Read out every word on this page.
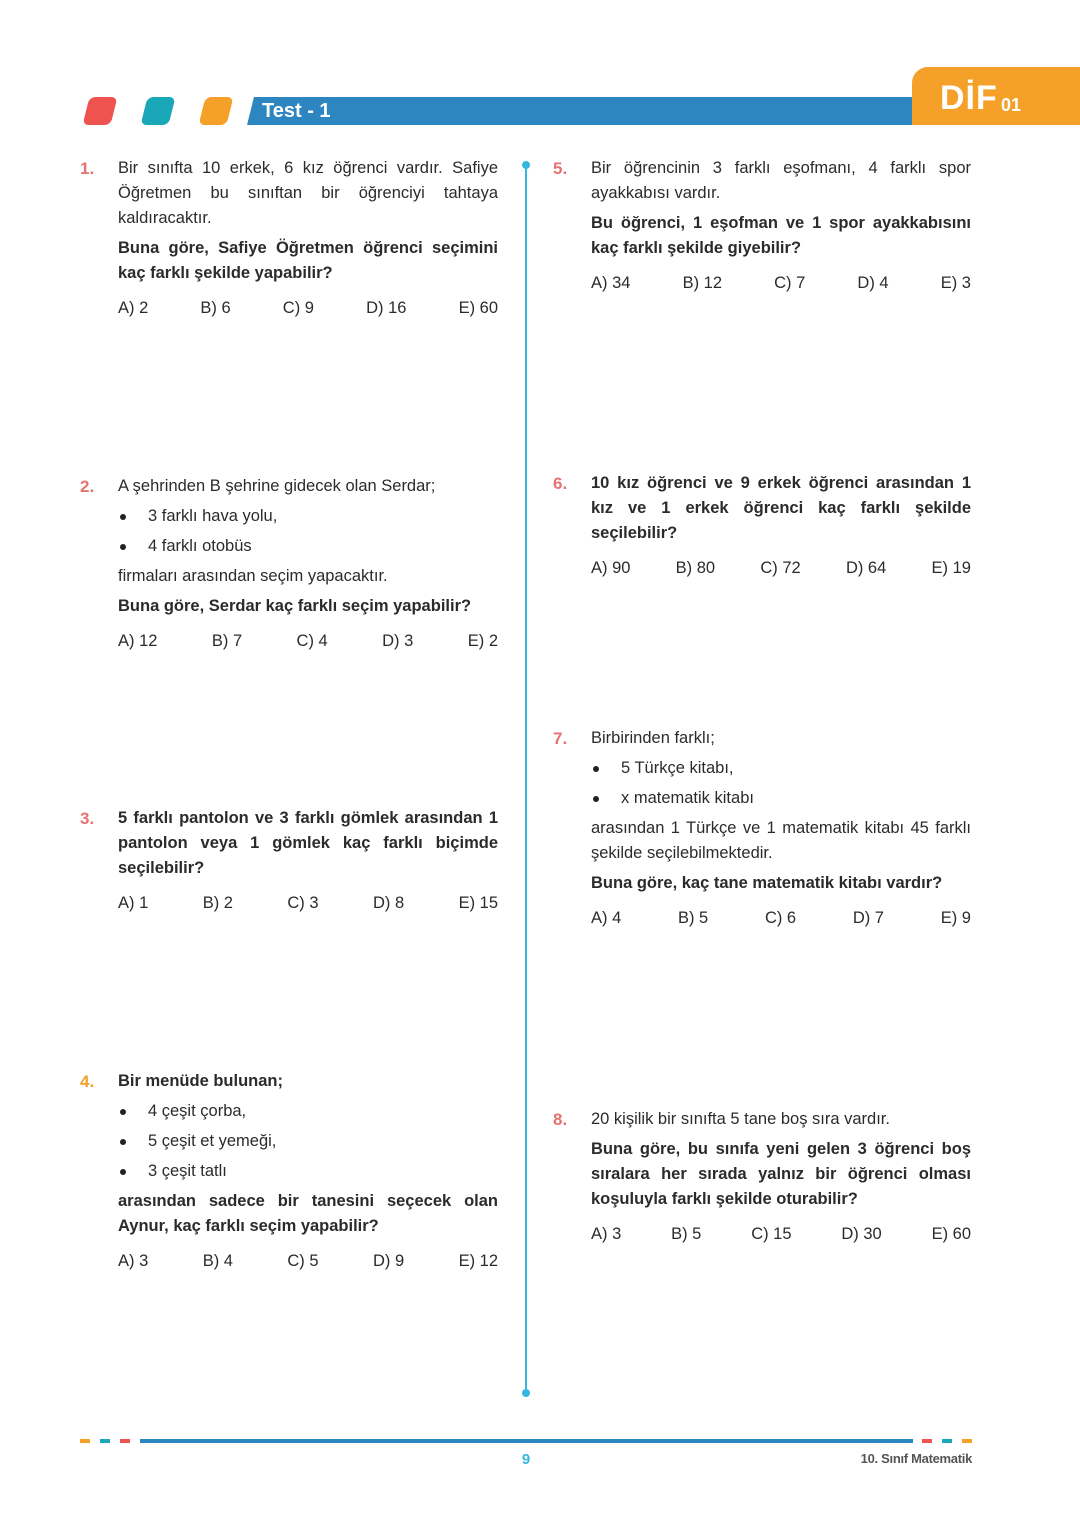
Test - 1	DİF 01
1. Bir sınıfta 10 erkek, 6 kız öğrenci vardır. Safiye Öğretmen bu sınıftan bir öğrenciyi tahtaya kaldıracaktır.

Buna göre, Safiye Öğretmen öğrenci seçimini kaç farklı şekilde yapabilir?

A) 2	B) 6	C) 9	D) 16	E) 60
2. A şehrinden B şehrine gidecek olan Serdar;

3 farklı hava yolu,
4 farklı otobüs

firmaları arasından seçim yapacaktır.

Buna göre, Serdar kaç farklı seçim yapabilir?

A) 12	B) 7	C) 4	D) 3	E) 2
3. 5 farklı pantolon ve 3 farklı gömlek arasından 1 pantolon veya 1 gömlek kaç farklı biçimde seçilebilir?

A) 1	B) 2	C) 3	D) 8	E) 15
4. Bir menüde bulunan;

4 çeşit çorba,
5 çeşit et yemeği,
3 çeşit tatlı

arasından sadece bir tanesini seçecek olan Aynur, kaç farklı seçim yapabilir?

A) 3	B) 4	C) 5	D) 9	E) 12
5. Bir öğrencinin 3 farklı eşofmanı, 4 farklı spor ayakkabısı vardır.

Bu öğrenci, 1 eşofman ve 1 spor ayakkabısını kaç farklı şekilde giyebilir?

A) 34	B) 12	C) 7	D) 4	E) 3
6. 10 kız öğrenci ve 9 erkek öğrenci arasından 1 kız ve 1 erkek öğrenci kaç farklı şekilde seçilebilir?

A) 90	B) 80	C) 72	D) 64	E) 19
7. Birbirinden farklı;

5 Türkçe kitabı,
x matematik kitabı

arasından 1 Türkçe ve 1 matematik kitabı 45 farklı şekilde seçilebilmektedir.

Buna göre, kaç tane matematik kitabı vardır?

A) 4	B) 5	C) 6	D) 7	E) 9
8. 20 kişilik bir sınıfta 5 tane boş sıra vardır.

Buna göre, bu sınıfa yeni gelen 3 öğrenci boş sıralara her sırada yalnız bir öğrenci olması koşuluyla farklı şekilde oturabilir?

A) 3	B) 5	C) 15	D) 30	E) 60
9	10. Sınıf Matematik
